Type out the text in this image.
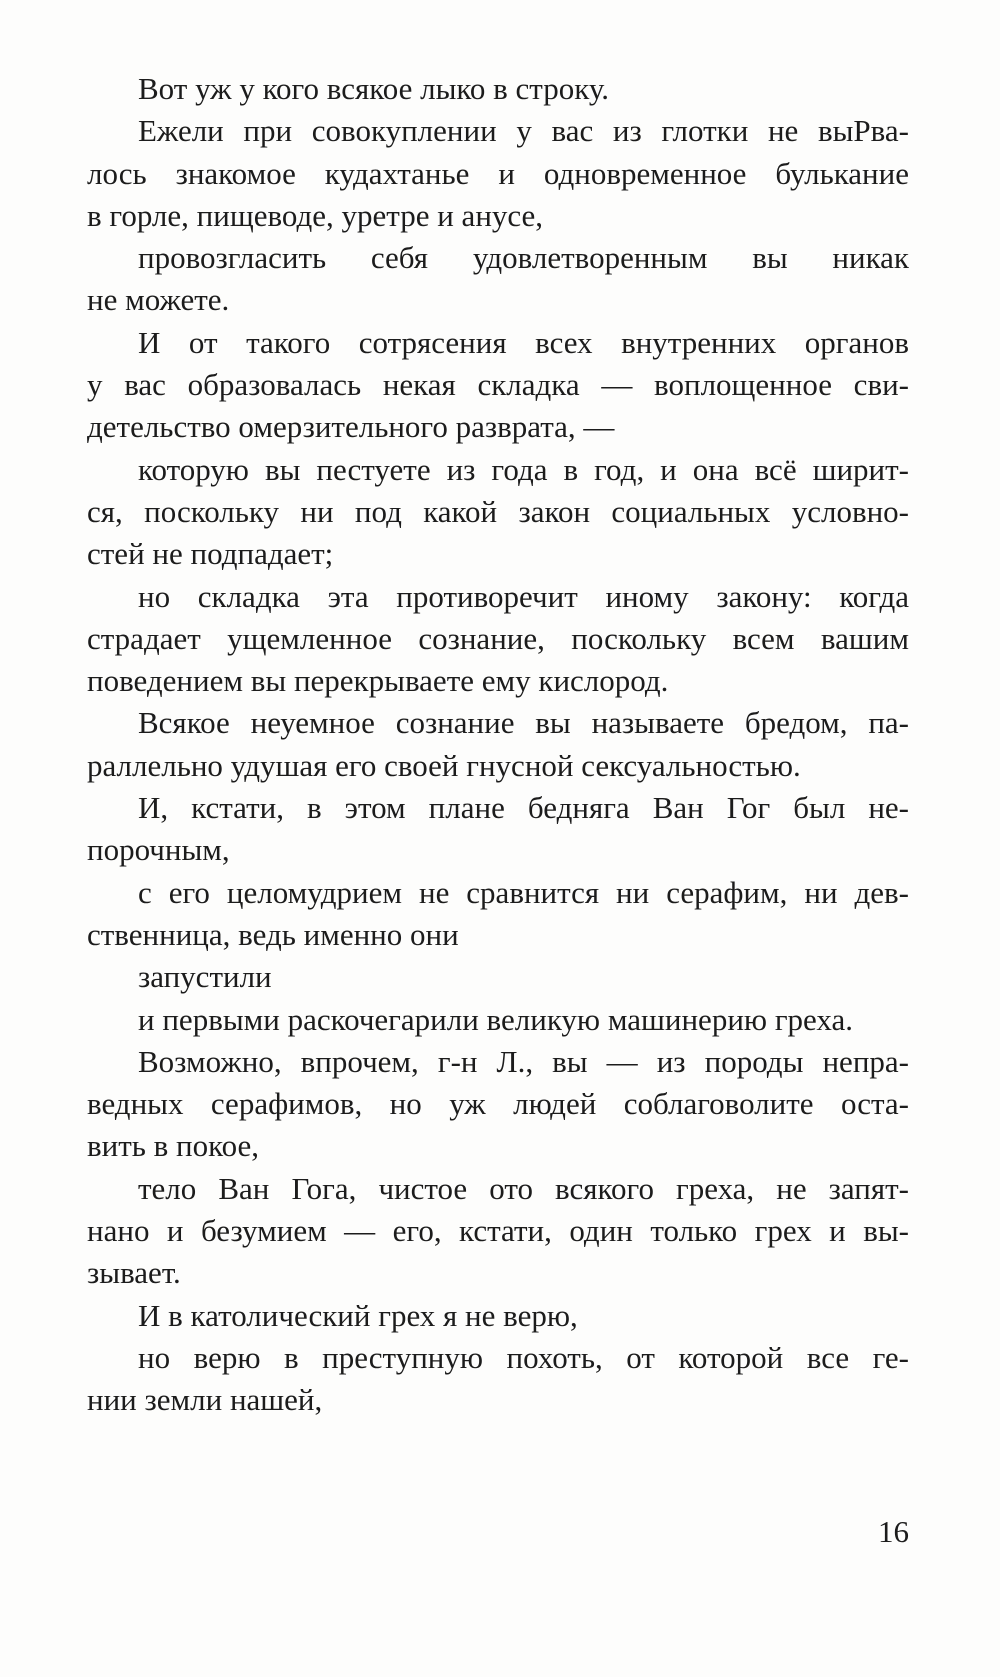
Вот уж у кого всякое лыко в строку.
Ежели при совокуплении у вас из глотки не выРва-
лось знакомое кудахтанье и одновременное булькание
в горле, пищеводе, уретре и анусе,
провозгласить себя удовлетворенным вы никак
не можете.
И от такого сотрясения всех внутренних органов
у вас образовалась некая складка — воплощенное сви-
детельство омерзительного разврата, —
которую вы пестуете из года в год, и она всё ширит-
ся, поскольку ни под какой закон социальных условно-
стей не подпадает;
но складка эта противоречит иному закону: когда
страдает ущемленное сознание, поскольку всем вашим
поведением вы перекрываете ему кислород.
Всякое неуемное сознание вы называете бредом, па-
раллельно удушая его своей гнусной сексуальностью.
И, кстати, в этом плане бедняга Ван Гог был не-
порочным,
с его целомудрием не сравнится ни серафим, ни дев-
ственница, ведь именно они
запустили
и первыми раскочегарили великую машинерию греха.
Возможно, впрочем, г-н Л., вы — из породы непра-
ведных серафимов, но уж людей соблаговолите оста-
вить в покое,
тело Ван Гога, чистое ото всякого греха, не запят-
нано и безумием — его, кстати, один только грех и вы-
зывает.
И в католический грех я не верю,
но верю в преступную похоть, от которой все ге-
нии земли нашей,
16
